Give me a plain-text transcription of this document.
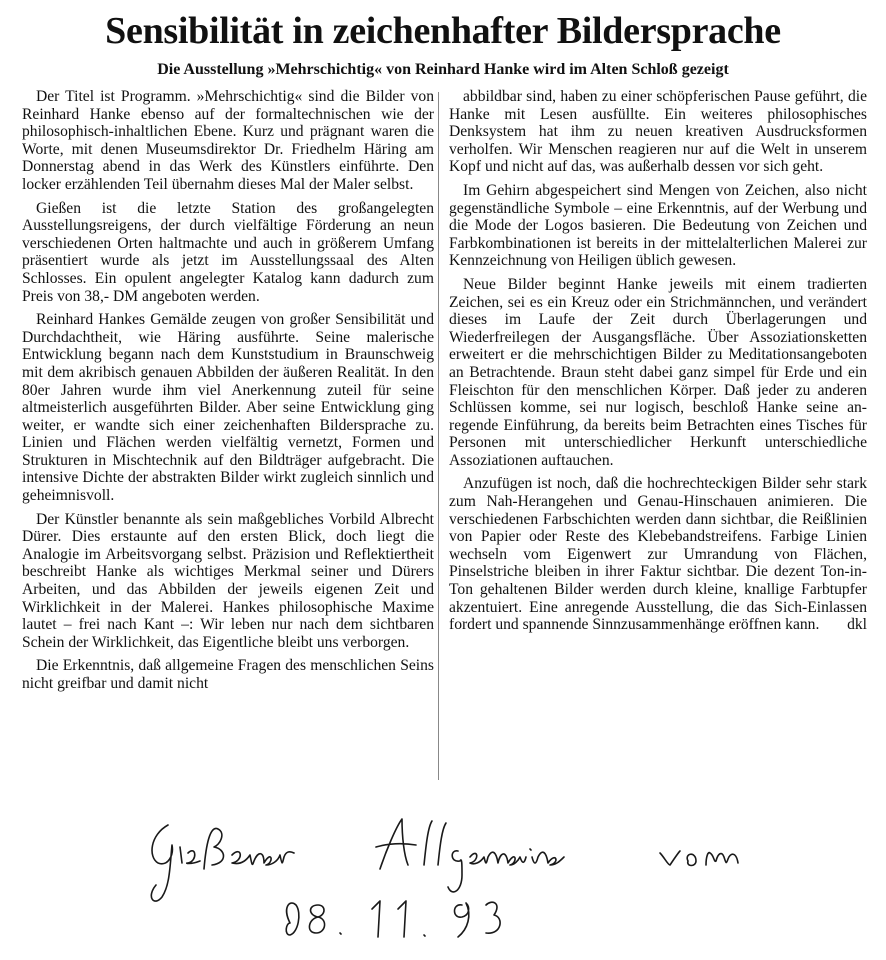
Sensibilität in zeichenhafter Bildersprache
Die Ausstellung »Mehrschichtig« von Reinhard Hanke wird im Alten Schloß gezeigt

Der Titel ist Programm. »Mehrschichtig« sind die Bilder von Reinhard Hanke ebenso auf der formaltechnischen wie der philosophisch-inhaltlichen Ebene. Kurz und prägnant waren die Worte, mit denen Museumsdirektor Dr. Friedhelm Häring am Donnerstag abend in das Werk des Künstlers einführte. Den locker erzählenden Teil übernahm dieses Mal der Maler selbst.

Gießen ist die letzte Station des großangelegten Ausstellungsreigens, der durch vielfältige Förderung an neun verschiedenen Orten haltmachte und auch in größerem Umfang präsentiert wurde als jetzt im Ausstellungssaal des Alten Schlosses. Ein opulent angelegter Katalog kann dadurch zum Preis von 38,- DM angeboten werden.

Reinhard Hankes Gemälde zeugen von großer Sensibilität und Durchdachtheit, wie Häring ausführte. Seine malerische Entwicklung begann nach dem Kunststudium in Braunschweig mit dem akribisch genauen Abbilden der äußeren Realität. In den 80er Jahren wurde ihm viel Anerkennung zuteil für seine altmeisterlich ausgeführten Bilder. Aber seine Entwicklung ging weiter, er wandte sich einer zeichenhaften Bildersprache zu. Linien und Flächen werden vielfältig vernetzt, Formen und Strukturen in Mischtechnik auf den Bildträger aufgebracht. Die intensive Dichte der abstrakten Bilder wirkt zugleich sinnlich und geheimnisvoll.

Der Künstler benannte als sein maßgebliches Vorbild Albrecht Dürer. Dies erstaunte auf den ersten Blick, doch liegt die Analogie im Arbeitsvorgang selbst. Präzision und Reflektiertheit beschreibt Hanke als wichtiges Merkmal seiner und Dürers Arbeiten, und das Abbilden der jeweils eigenen Zeit und Wirklichkeit in der Malerei. Hankes philosophische Maxime lautet – frei nach Kant –: Wir leben nur nach dem sichtbaren Schein der Wirklichkeit, das Eigentliche bleibt uns verborgen.

Die Erkenntnis, daß allgemeine Fragen des menschlichen Seins nicht greifbar und damit nicht

abbildbar sind, haben zu einer schöpferischen Pause geführt, die Hanke mit Lesen ausfüllte. Ein weiteres philosophisches Denksystem hat ihm zu neuen kreativen Ausdrucksformen verholfen. Wir Menschen reagieren nur auf die Welt in unserem Kopf und nicht auf das, was außerhalb dessen vor sich geht.

Im Gehirn abgespeichert sind Mengen von Zeichen, also nicht gegenständliche Symbole – eine Erkenntnis, auf der Werbung und die Mode der Logos basieren. Die Bedeutung von Zeichen und Farbkombinationen ist bereits in der mittelalterlichen Malerei zur Kennzeichnung von Heiligen üblich gewesen.

Neue Bilder beginnt Hanke jeweils mit einem tradierten Zeichen, sei es ein Kreuz oder ein Strichmännchen, und verändert dieses im Laufe der Zeit durch Überlagerungen und Wiederfreilegen der Ausgangsfläche. Über Assoziationsketten erweitert er die mehrschichtigen Bilder zu Meditationsangeboten an Betrachtende. Braun steht dabei ganz simpel für Erde und ein Fleischton für den menschlichen Körper. Daß jeder zu anderen Schlüssen komme, sei nur logisch, beschloß Hanke seine anregende Einführung, da bereits beim Betrachten eines Tisches für Personen mit unterschiedlicher Herkunft unterschiedliche Assoziationen auftauchen.

Anzufügen ist noch, daß die hochrechteckigen Bilder sehr stark zum Nah-Herangehen und Genau-Hinschauen animieren. Die verschiedenen Farbschichten werden dann sichtbar, die Reißlinien von Papier oder Reste des Klebebandstreifens. Farbige Linien wechseln vom Eigenwert zur Umrandung von Flächen, Pinselstriche bleiben in ihrer Faktur sichtbar. Die dezent Ton-in-Ton gehaltenen Bilder werden durch kleine, knallige Farbtupfer akzentuiert. Eine anregende Ausstellung, die das Sich-Einlassen fordert und spannende Sinnzusammenhänge eröffnen kann.	dkl
